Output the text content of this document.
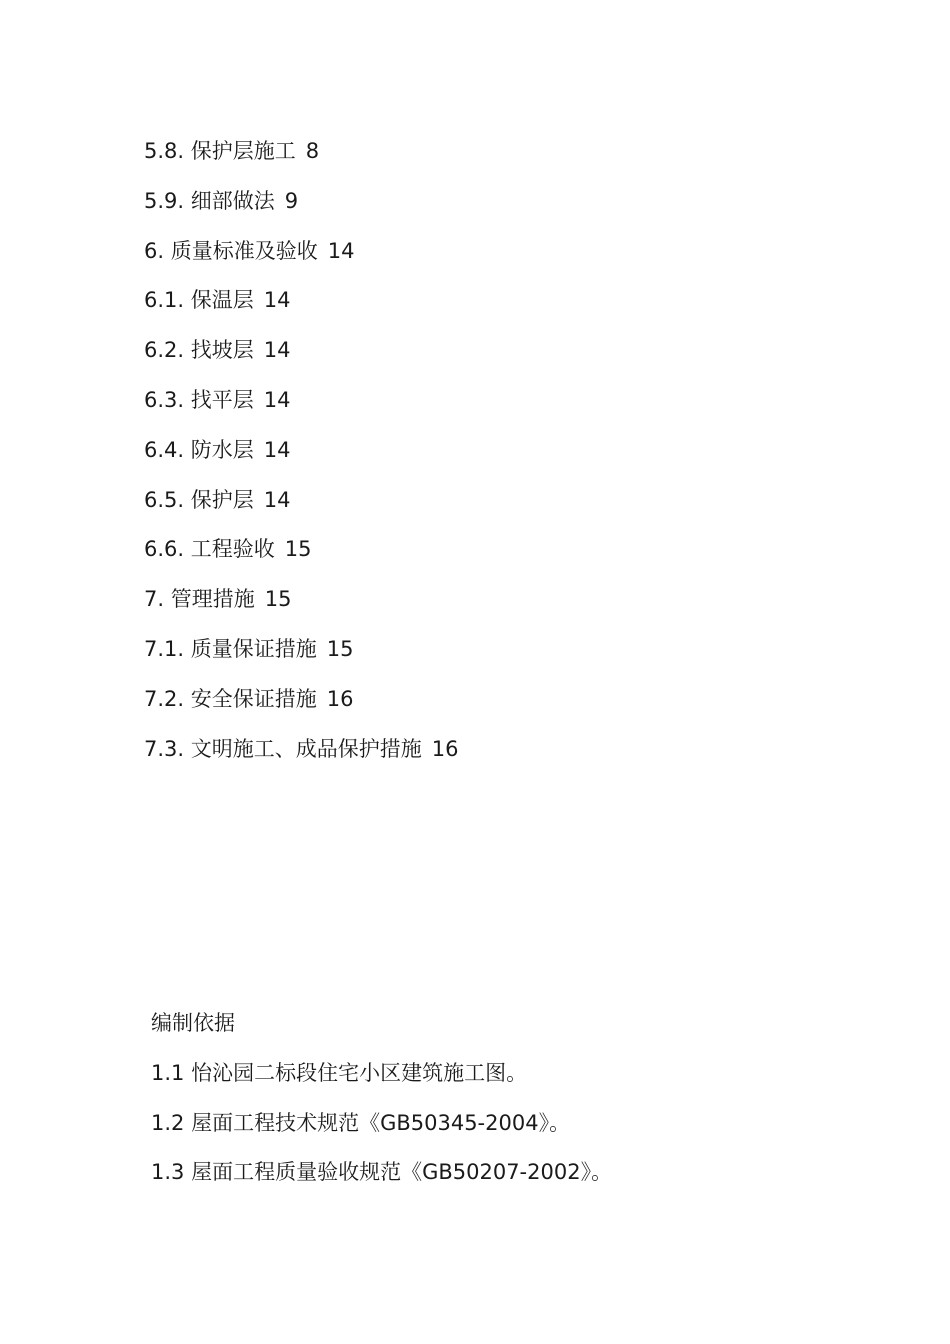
5.8. 保护层施工 8
5.9. 细部做法 9
6. 质量标准及验收 14
6.1. 保温层 14
6.2. 找坡层 14
6.3. 找平层 14
6.4. 防水层 14
6.5. 保护层 14
6.6. 工程验收 15
7. 管理措施 15
7.1. 质量保证措施 15
7.2. 安全保证措施 16
7.3. 文明施工、成品保护措施 16
编制依据
1.1 怡沁园二标段住宅小区建筑施工图。
1.2 屋面工程技术规范《GB50345-2004》。
1.3 屋面工程质量验收规范《GB50207-2002》。
